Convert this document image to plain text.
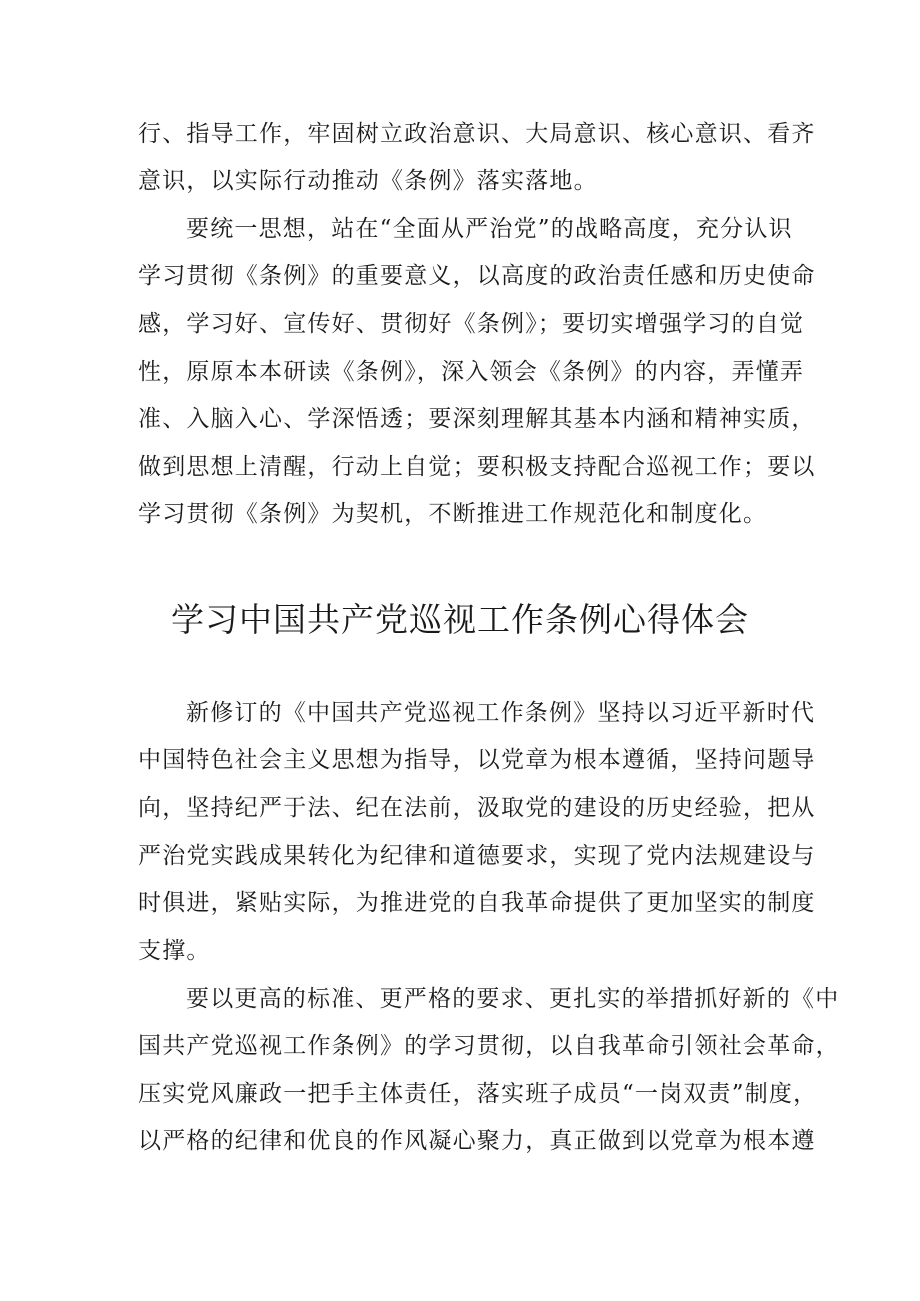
行、指导工作，牢固树立政治意识、大局意识、核心意识、看齐
意识，以实际行动推动《条例》落实落地。
要统一思想，站在“全面从严治党”的战略高度，充分认识
学习贯彻《条例》的重要意义，以高度的政治责任感和历史使命
感，学习好、宣传好、贯彻好《条例》；要切实增强学习的自觉
性，原原本本研读《条例》，深入领会《条例》的内容，弄懂弄
准、入脑入心、学深悟透；要深刻理解其基本内涵和精神实质，
做到思想上清醒，行动上自觉；要积极支持配合巡视工作；要以
学习贯彻《条例》为契机，不断推进工作规范化和制度化。
学习中国共产党巡视工作条例心得体会
新修订的《中国共产党巡视工作条例》坚持以习近平新时代
中国特色社会主义思想为指导，以党章为根本遵循，坚持问题导
向，坚持纪严于法、纪在法前，汲取党的建设的历史经验，把从
严治党实践成果转化为纪律和道德要求，实现了党内法规建设与
时俱进，紧贴实际，为推进党的自我革命提供了更加坚实的制度
支撑。
要以更高的标准、更严格的要求、更扎实的举措抓好新的《中
国共产党巡视工作条例》的学习贯彻，以自我革命引领社会革命，
压实党风廉政一把手主体责任，落实班子成员“一岗双责”制度，
以严格的纪律和优良的作风凝心聚力，真正做到以党章为根本遵
